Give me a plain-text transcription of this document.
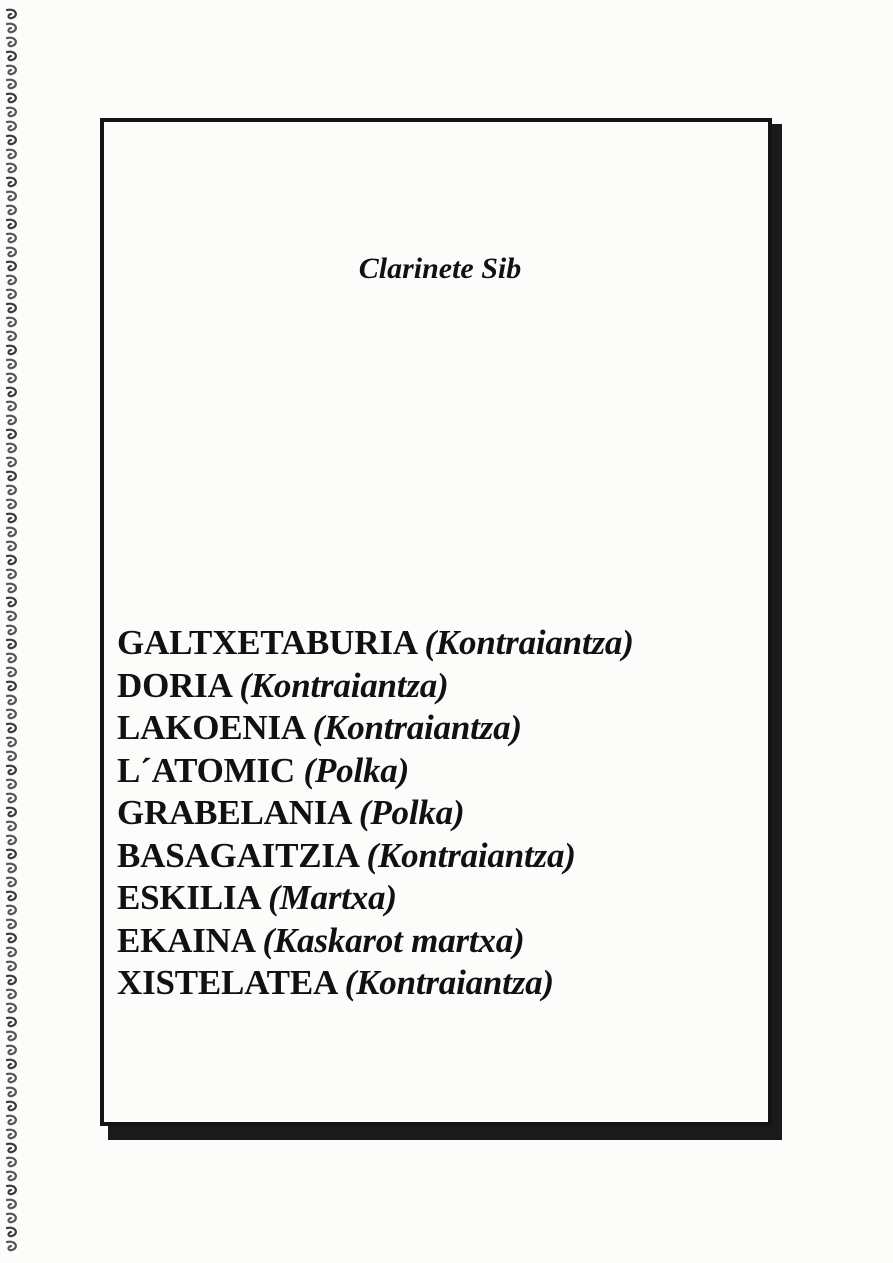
Clarinete Sib
GALTXETABURIA (Kontraiantza)
DORIA (Kontraiantza)
LAKOENIA (Kontraiantza)
L´ATOMIC (Polka)
GRABELANIA (Polka)
BASAGAITZIA (Kontraiantza)
ESKILIA (Martxa)
EKAINA (Kaskarot martxa)
XISTELATEA (Kontraiantza)
